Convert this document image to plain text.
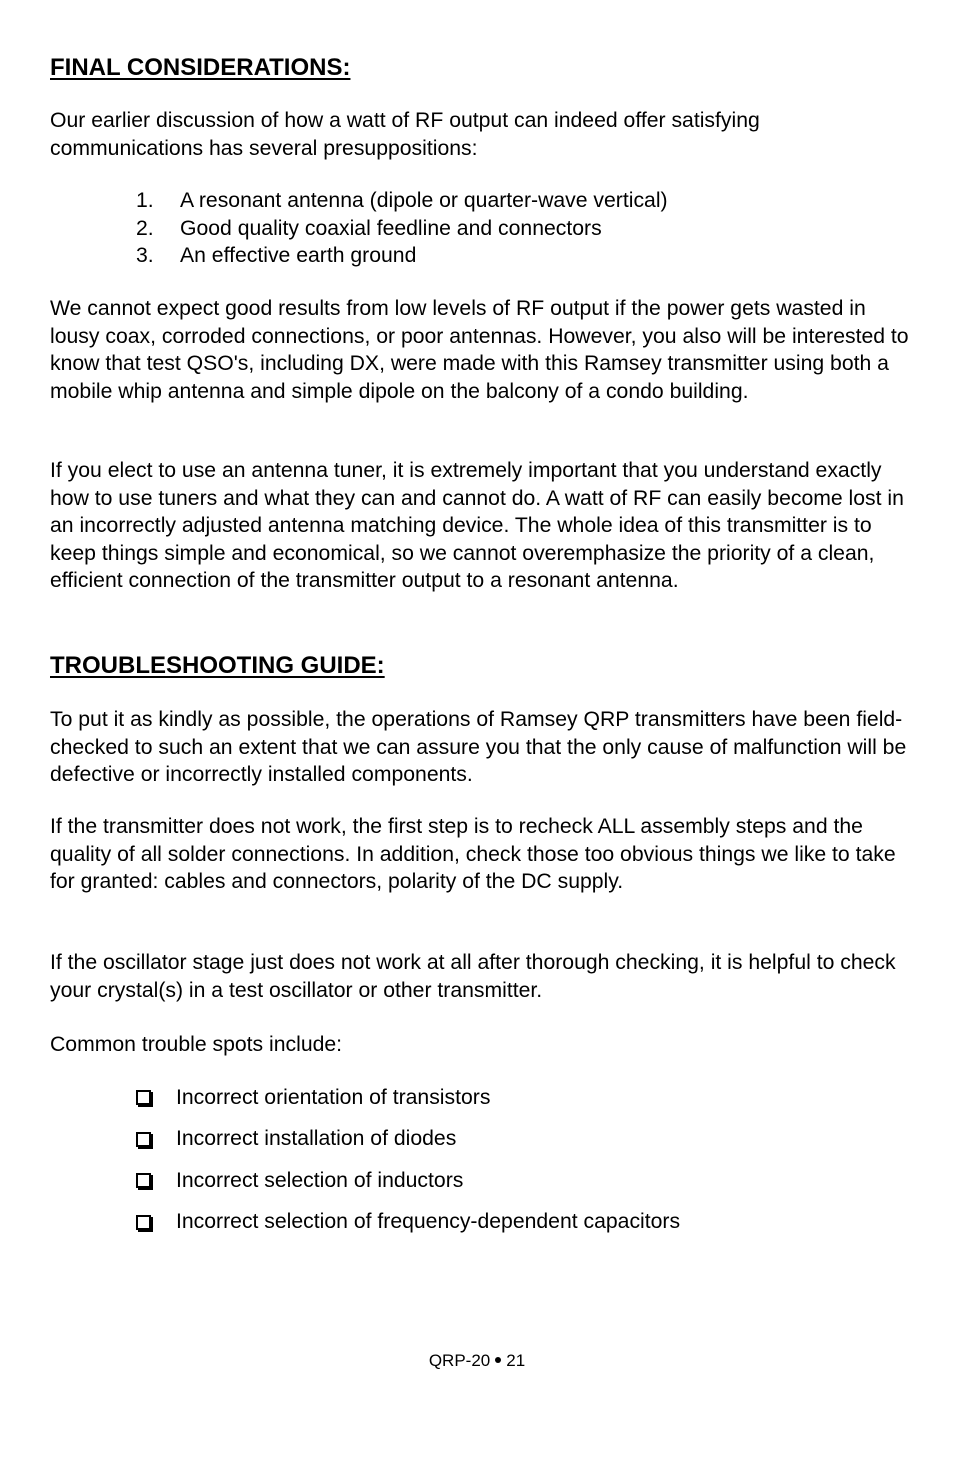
FINAL CONSIDERATIONS:

Our earlier discussion of how a watt of RF output can indeed offer satisfying communications has several presuppositions:

1.	A resonant antenna (dipole or quarter-wave vertical)
2.	Good quality coaxial feedline and connectors
3.	An effective earth ground

We cannot expect good results from low levels of RF output if the power gets wasted in lousy coax, corroded connections, or poor antennas. However, you also will be interested to know that test QSO's, including DX, were made with this Ramsey transmitter using both a mobile whip antenna and simple dipole on the balcony of a condo building.

If you elect to use an antenna tuner, it is extremely important that you understand exactly how to use tuners and what they can and cannot do. A watt of RF can easily become lost in an incorrectly adjusted antenna matching device. The whole idea of this transmitter is to keep things simple and economical, so we cannot overemphasize the priority of a clean, efficient connection of the transmitter output to a resonant antenna.

TROUBLESHOOTING GUIDE:

To put it as kindly as possible, the operations of Ramsey QRP transmitters have been field-checked to such an extent that we can assure you that the only cause of malfunction will be defective or incorrectly installed components.

If the transmitter does not work, the first step is to recheck ALL assembly steps and the quality of all solder connections. In addition, check those too obvious things we like to take for granted: cables and connectors, polarity of the DC supply.

If the oscillator stage just does not work at all after thorough checking, it is helpful to check your crystal(s) in a test oscillator or other transmitter.

Common trouble spots include:

Incorrect orientation of transistors
Incorrect installation of diodes
Incorrect selection of inductors
Incorrect selection of frequency-dependent capacitors
QRP-20 21
